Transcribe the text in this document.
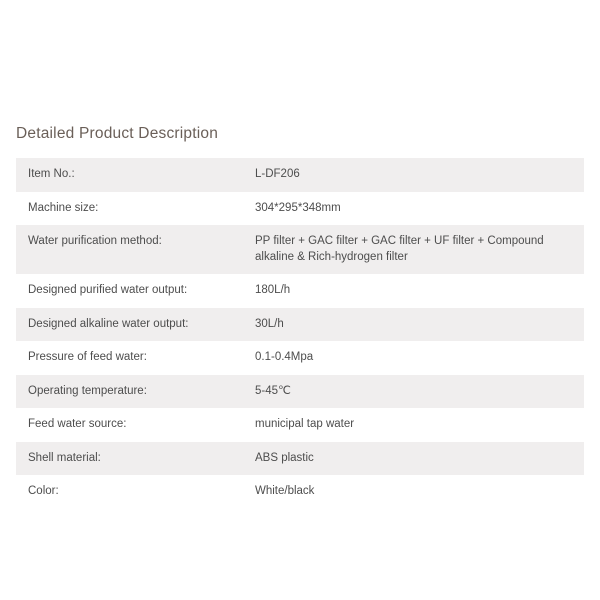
Detailed Product Description
Item No.:	L-DF206
Machine size:	304*295*348mm
Water purification method:	PP filter + GAC filter + GAC filter + UF filter + Compound alkaline & Rich-hydrogen filter
Designed purified water output:	180L/h
Designed alkaline water output:	30L/h
Pressure of feed water:	0.1-0.4Mpa
Operating temperature:	5-45℃
Feed water source:	municipal tap water
Shell material:	ABS plastic
Color:	White/black
